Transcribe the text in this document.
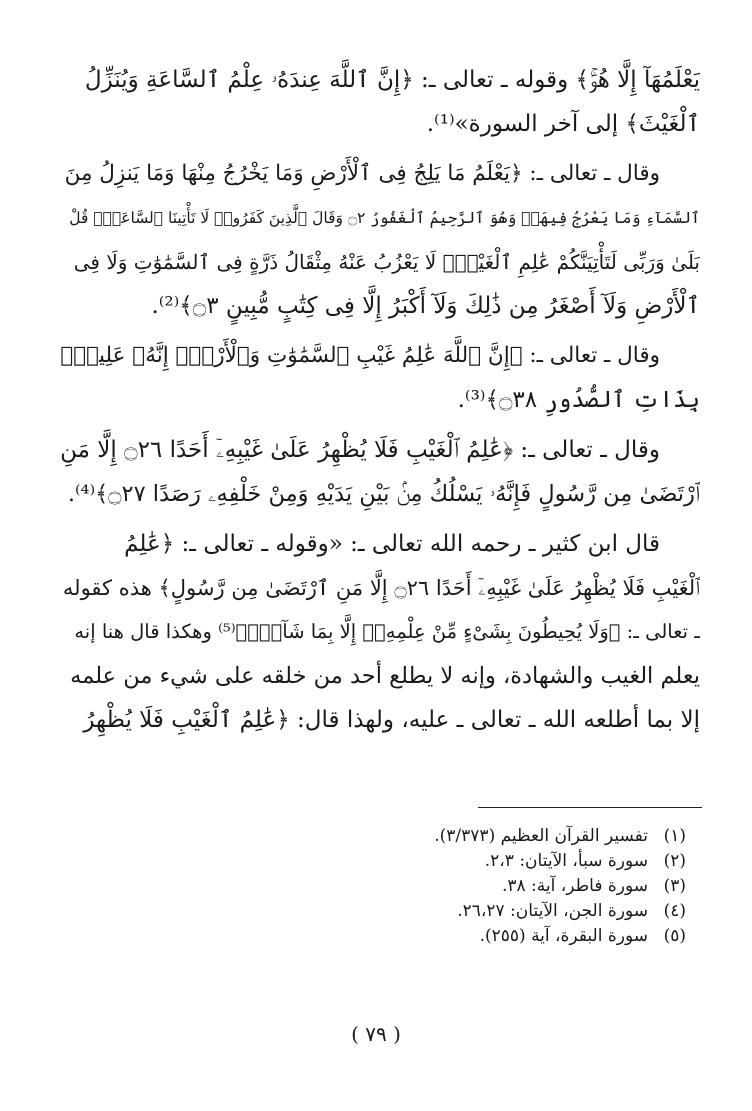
يَعْلَمُهَآ إِلَّا هُوَۚ﴾ وقوله ـ تعالى ـ: ﴿إِنَّ ٱللَّهَ عِندَهُۥ عِلْمُ ٱلسَّاعَةِ وَيُنَزِّلُ
ٱلْغَيْثَ﴾ إلى آخر السورة»⁽¹⁾.
وقال ـ تعالى ـ: ﴿يَعْلَمُ مَا يَلِجُ فِى ٱلْأَرْضِ وَمَا يَخْرُجُ مِنْهَا وَمَا يَنزِلُ مِنَ
ٱلسَّمَآءِ وَمَا يَعْرُجُ فِيهَاۚ وَهُوَ ٱلرَّحِيمُ ٱلْغَفُورُ ۝٢ وَقَالَ ٱلَّذِينَ كَفَرُوا۟ لَا تَأْتِينَا ٱلسَّاعَةُۖ قُلْ
بَلَىٰ وَرَبِّى لَتَأْتِيَنَّكُمْ عَٰلِمِ ٱلْغَيْبِۖ لَا يَعْزُبُ عَنْهُ مِثْقَالُ ذَرَّةٍ فِى ٱلسَّمَٰوَٰتِ وَلَا فِى
ٱلْأَرْضِ وَلَآ أَصْغَرُ مِن ذَٰلِكَ وَلَآ أَكْبَرُ إِلَّا فِى كِتَٰبٍ مُّبِينٍ ۝٣﴾⁽²⁾.
وقال ـ تعالى ـ: ﴿إِنَّ ٱللَّهَ عَٰلِمُ غَيْبِ ٱلسَّمَٰوَٰتِ وَٱلْأَرْضِۚ إِنَّهُۥ عَلِيمٌۢ
بِذَاتِ ٱلصُّدُورِ ۝٣٨﴾⁽³⁾.
وقال ـ تعالى ـ: ﴿عَٰلِمُ ٱلْغَيْبِ فَلَا يُظْهِرُ عَلَىٰ غَيْبِهِۦٓ أَحَدًا ۝٢٦ إِلَّا مَنِ
ٱرْتَضَىٰ مِن رَّسُولٍ فَإِنَّهُۥ يَسْلُكُ مِنۢ بَيْنِ يَدَيْهِ وَمِنْ خَلْفِهِۦ رَصَدًا ۝٢٧﴾⁽⁴⁾.
قال ابن كثير ـ رحمه الله تعالى ـ: «وقوله ـ تعالى ـ: ﴿عَٰلِمُ
ٱلْغَيْبِ فَلَا يُظْهِرُ عَلَىٰ غَيْبِهِۦٓ أَحَدًا ۝٢٦ إِلَّا مَنِ ٱرْتَضَىٰ مِن رَّسُولٍ﴾ هذه كقوله
ـ تعالى ـ: ﴿وَلَا يُحِيطُونَ بِشَىْءٍ مِّنْ عِلْمِهِۦٓ إِلَّا بِمَا شَآءَۚ﴾⁽⁵⁾ وهكذا قال هنا إنه
يعلم الغيب والشهادة، وإنه لا يطلع أحد من خلقه على شيء من علمه
إلا بما أطلعه الله ـ تعالى ـ عليه، ولهذا قال: ﴿عَٰلِمُ ٱلْغَيْبِ فَلَا يُظْهِرُ
(١)تفسير القرآن العظيم (٣/٣٧٣).
(٢)سورة سبأ، الآيتان: ٢،٣.
(٣)سورة فاطر، آية: ٣٨.
(٤)سورة الجن، الآيتان: ٢٦،٢٧.
(٥)سورة البقرة، آية (٢٥٥).
( ٧٩ )
